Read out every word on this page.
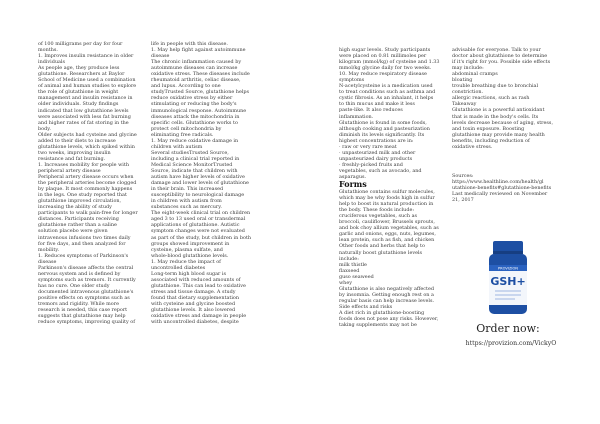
of 100 milligrams per day for four

months.

1. Improves insulin resistance in older

individuals

As people age, they produce less

glutathione. Researchers at Baylor

School of Medicine used a combination

of animal and human studies to explore

the role of glutathione in weight

management and insulin resistance in

older individuals. Study findings

indicated that low glutathione levels

were associated with less fat burning

and higher rates of fat storing in the

body.

Older subjects had cysteine and glycine

added to their diets to increase

glutathione levels, which spiked within

two weeks, improving insulin

resistance and fat burning.

1. Increases mobility for people with

peripheral artery disease

Peripheral artery disease occurs when

the peripheral arteries become clogged

by plaque. It most commonly happens

in the legs. One study reported that

glutathione improved circulation,

increasing the ability of study

participants to walk pain-free for longer

distances. Participants receiving

glutathione rather than a saline

solution placebo were given

intravenous infusions two times daily

for five days, and then analyzed for

mobility.

1. Reduces symptoms of Parkinson's

disease

Parkinson's disease affects the central

nervous system and is defined by

symptoms such as tremors. It currently

has no cure. One older study

documented intravenous glutathione's

positive effects on symptoms such as

tremors and rigidity. While more

research is needed, this case report

suggests that glutathione may help

reduce symptoms, improving quality of

life in people with this disease.

1. May help fight against autoimmune

disease

The chronic inflammation caused by

autoimmune diseases can increase

oxidative stress. These diseases include

rheumatoid arthritis, celiac disease,

and lupus. According to one

studyTrusted Source, glutathione helps

reduce oxidative stress by either

stimulating or reducing the body's

immunological response. Autoimmune

diseases attack the mitochondria in

specific cells. Glutathione works to

protect cell mitochondria by

eliminating free radicals.

1. May reduce oxidative damage in

children with autism

Several studiesTrusted Source,

including a clinical trial reported in

Medical Science MonitorTrusted

Source, indicate that children with

autism have higher levels of oxidative

damage and lower levels of glutathione

in their brain. This increased

susceptibility to neurological damage

in children with autism from

substances such as mercury.

The eight-week clinical trial on children

aged 3 to 13 used oral or transdermal

applications of glutathione. Autistic

symptom changes were not evaluated

as part of the study, but children in both

groups showed improvement in

cysteine, plasma sulfate, and

whole-blood glutathione levels.

1. May reduce the impact of

uncontrolled diabetes

Long-term high blood sugar is

associated with reduced amounts of

glutathione. This can lead to oxidative

stress and tissue damage. A study

found that dietary supplementation

with cysteine and glycine boosted

glutathione levels. It also lowered

oxidative stress and damage in people

with uncontrolled diabetes, despite

high sugar levels. Study participants

were placed on 0.81 millimoles per

kilogram (mmol/kg) of cysteine and 1.33

mmol/kg glycine daily for two weeks.

10. May reduce respiratory disease

symptoms

N-acetylcysteine is a medication used

to treat conditions such as asthma and

cystic fibrosis. As an inhalant, it helps

to thin mucus and make it less

paste-like. It also reduces

inflammation.

Glutathione is found in some foods,

although cooking and pasteurization

diminish its levels significantly. Its

highest concentrations are in:

· raw or very rare meat

· unpasteurized milk and other

unpasteurized dairy products

· freshly-picked fruits and

vegetables, such as avocado, and

asparagus.

Forms

Glutathione contains sulfur molecules,

which may be why foods high in sulfur

help to boost its natural production in

the body. These foods include:

cruciferous vegetables, such as

broccoli, cauliflower, Brussels sprouts,

and bok choy allium vegetables, such as

garlic and onions, eggs, nuts, legumes,

lean protein, such as fish, and chicken

Other foods and herbs that help to

naturally boost glutathione levels

include:

milk thistle

flaxseed

guso seaweed

whey

Glutathione is also negatively affected

by insomnia. Getting enough rest on a

regular basis can help increase levels.

Side effects and risks

A diet rich in glutathione-boosting

foods does not pose any risks. However,

taking supplements may not be

advisable for everyone. Talk to your

doctor about glutathione to determine

if it's right for you. Possible side effects

may include:

abdominal cramps

bloating

trouble breathing due to bronchial

constriction.

allergic reactions, such as rash

Takeaway

Glutathione is a powerful antioxidant

that is made in the body's cells. Its

levels decrease because of aging, stress,

and toxin exposure. Boosting

glutathione may provide many health

benefits, including reduction of

oxidative stress.

Sources:

https://www.healthline.com/health/gl

utathione-benefits#glutathione-benefits

Last medically reviewed on November

21, 2017

PROVIZION
GSH+
Order now:
https://provizion.com/VickyO
